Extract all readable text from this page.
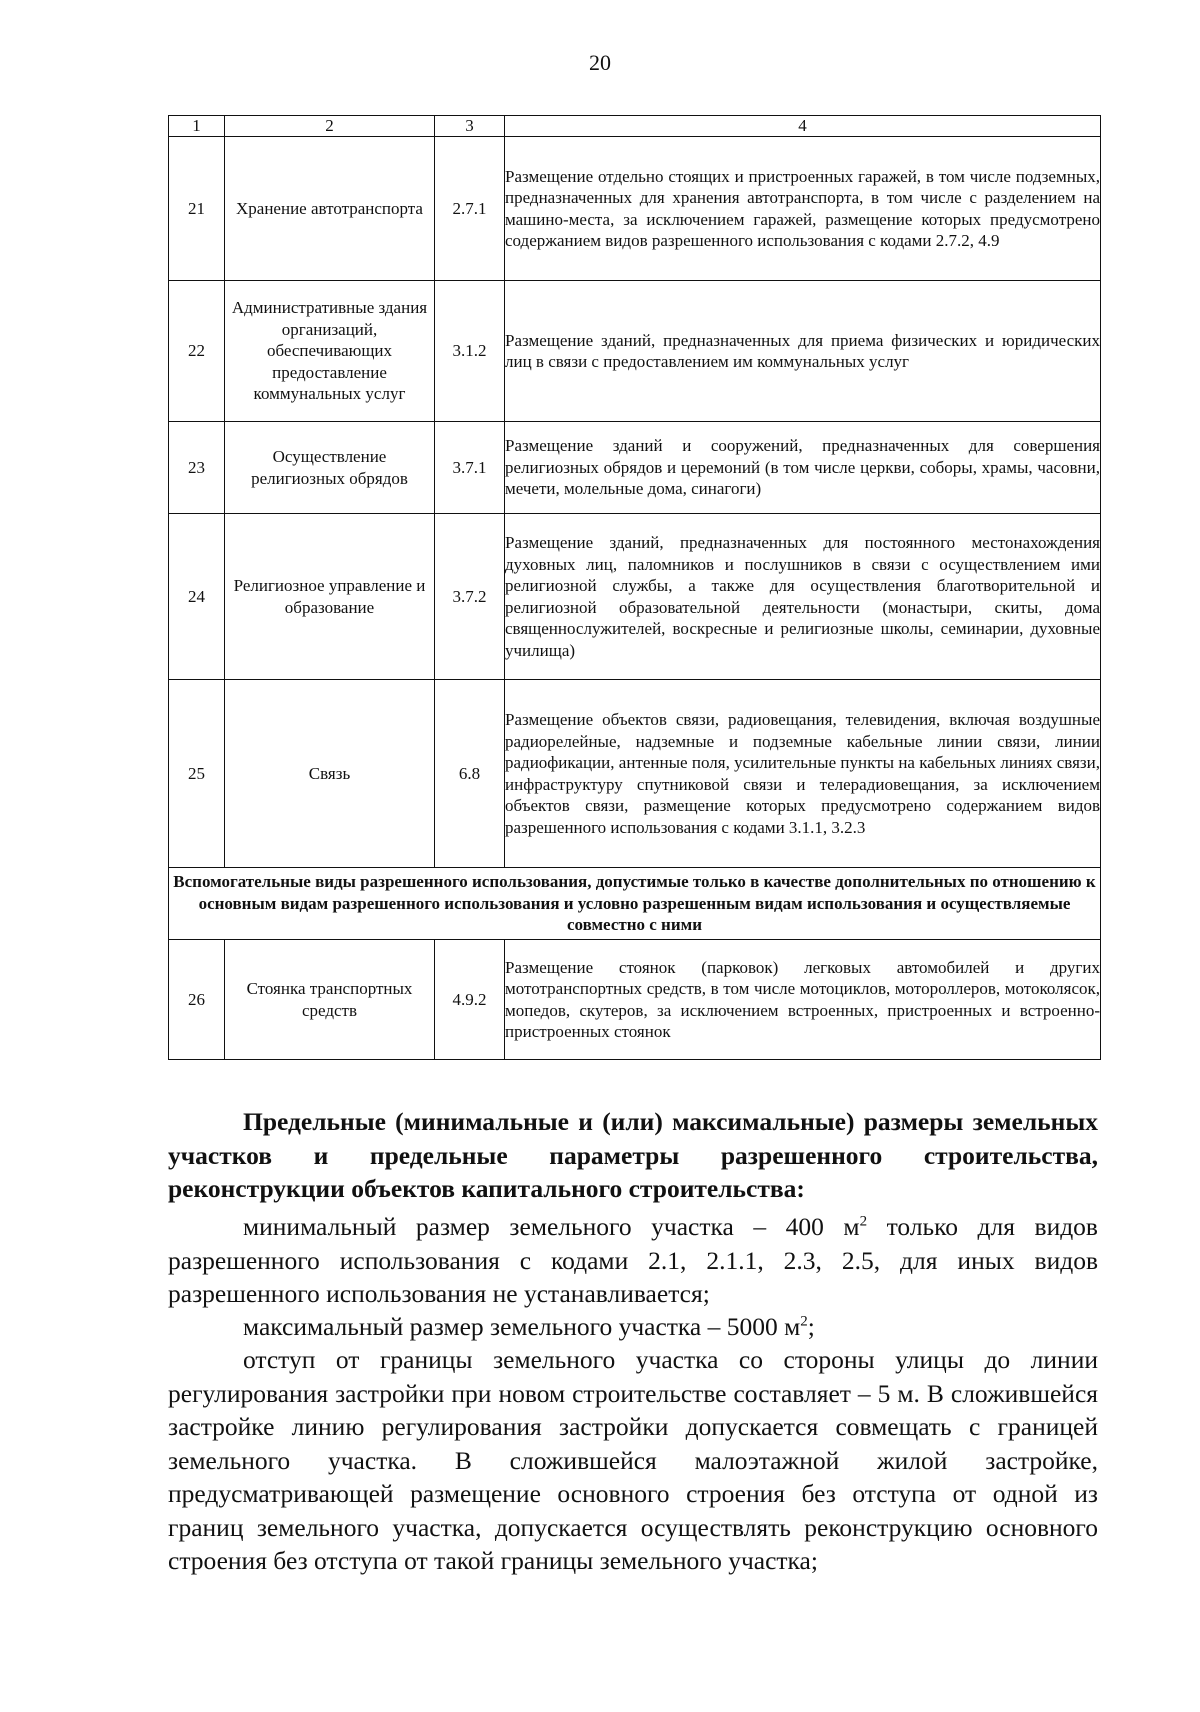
20
1	2	3	4
21	Хранение автотранспорта	2.7.1	Размещение отдельно стоящих и пристроенных гаражей, в том числе подземных, предназначенных для хранения автотранспорта, в том числе с разделением на машино-места, за исключением гаражей, размещение которых предусмотрено содержанием видов разрешенного использования с кодами 2.7.2, 4.9
22	Административные здания организаций, обеспечивающих предоставление коммунальных услуг	3.1.2	Размещение зданий, предназначенных для приема физических и юридических лиц в связи с предоставлением им коммунальных услуг
23	Осуществление религиозных обрядов	3.7.1	Размещение зданий и сооружений, предназначенных для совершения религиозных обрядов и церемоний (в том числе церкви, соборы, храмы, часовни, мечети, молельные дома, синагоги)
24	Религиозное управление и образование	3.7.2	Размещение зданий, предназначенных для постоянного местонахождения духовных лиц, паломников и послушников в связи с осуществлением ими религиозной службы, а также для осуществления благотворительной и религиозной образовательной деятельности (монастыри, скиты, дома священнослужителей, воскресные и религиозные школы, семинарии, духовные училища)
25	Связь	6.8	Размещение объектов связи, радиовещания, телевидения, включая воздушные радиорелейные, надземные и подземные кабельные линии связи, линии радиофикации, антенные поля, усилительные пункты на кабельных линиях связи, инфраструктуру спутниковой связи и телерадиовещания, за исключением объектов связи, размещение которых предусмотрено содержанием видов разрешенного использования с кодами 3.1.1, 3.2.3
Вспомогательные виды разрешенного использования, допустимые только в качестве дополнительных по отношению к основным видам разрешенного использования и условно разрешенным видам использования и осуществляемые совместно с ними			
26	Стоянка транспортных средств	4.9.2	Размещение стоянок (парковок) легковых автомобилей и других мототранспортных средств, в том числе мотоциклов, мотороллеров, мотоколясок, мопедов, скутеров, за исключением встроенных, пристроенных и встроенно-пристроенных стоянок
Предельные (минимальные и (или) максимальные) размеры земельных участков и предельные параметры разрешенного строительства, реконструкции объектов капитального строительства:
минимальный размер земельного участка – 400 $м^2$ только для видов разрешенного использования с кодами 2.1, 2.1.1, 2.3, 2.5, для иных видов разрешенного использования не устанавливается;
максимальный размер земельного участка – 5000 $м^2$;
отступ от границы земельного участка со стороны улицы до линии регулирования застройки при новом строительстве составляет – 5 м. В сложившейся застройке линию регулирования застройки допускается совмещать с границей земельного участка. В сложившейся малоэтажной жилой застройке, предусматривающей размещение основного строения без отступа от одной из границ земельного участка, допускается осуществлять реконструкцию основного строения без отступа от такой границы земельного участка;
